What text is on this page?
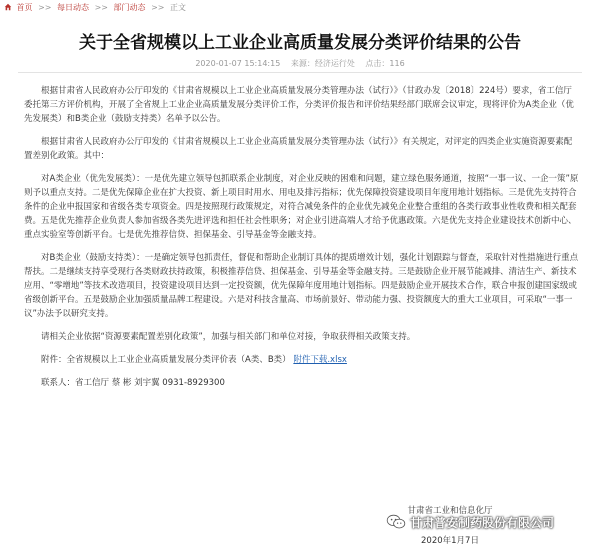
首页 >> 每日动态 >> 部门动态 >> 正文
关于全省规模以上工业企业高质量发展分类评价结果的公告
2020-01-07 15:14:15 来源：经济运行处 点击：116

根据甘肃省人民政府办公厅印发的《甘肃省规模以上工业企业高质量发展分类管理办法（试行）》（甘政办发〔2018〕224号）要求，省工信厅委托第三方评价机构，开展了全省规上工业企业高质量发展分类评价工作，分类评价报告和评价结果经部门联席会议审定，现将评价为A类企业（优先发展类）和B类企业（鼓励支持类）名单予以公告。

根据甘肃省人民政府办公厅印发的《甘肃省规模以上工业企业高质量发展分类管理办法（试行）》有关规定，对评定的四类企业实施资源要素配置差别化政策。其中：

对A类企业（优先发展类）：一是优先建立领导包抓联系企业制度，对企业反映的困难和问题，建立绿色服务通道，按照“一事一议、一企一策”原则予以重点支持。二是优先保障企业在扩大投资、新上项目时用水、用电及排污指标；优先保障投资建设项目年度用地计划指标。三是优先支持符合条件的企业申报国家和省级各类专项资金。四是按照现行政策规定，对符合减免条件的企业优先减免企业整合重组的各类行政事业性收费和相关配套费。五是优先推荐企业负责人参加省级各类先进评选和担任社会性职务；对企业引进高端人才给予优惠政策。六是优先支持企业建设技术创新中心、重点实验室等创新平台。七是优先推荐信贷、担保基金、引导基金等金融支持。

对B类企业（鼓励支持类）：一是确定领导包抓责任，督促和帮助企业制订具体的提质增效计划，强化计划跟踪与督查，采取针对性措施进行重点帮扶。二是继续支持享受现行各类财政扶持政策，积极推荐信贷、担保基金、引导基金等金融支持。三是鼓励企业开展节能减排、清洁生产、新技术应用、“零增地”等技术改造项目，投资建设项目达到一定投资额，优先保障年度用地计划指标。四是鼓励企业开展技术合作，联合申报创建国家级或省级创新平台。五是鼓励企业加强质量品牌工程建设。六是对科技含量高、市场前景好、带动能力强、投资额度大的重大工业项目，可采取“一事一议”办法予以研究支持。

请相关企业依据“资源要素配置差别化政策”，加强与相关部门和单位对接，争取获得相关政策支持。

附件：全省规模以上工业企业高质量发展分类评价表（A类、B类） 附件下载.xlsx

联系人：省工信厅 蔡 彬 刘宇翼 0931-8929300

甘肃省工业和信息化厅
甘肃普安制药股份有限公司
2020年1月7日
